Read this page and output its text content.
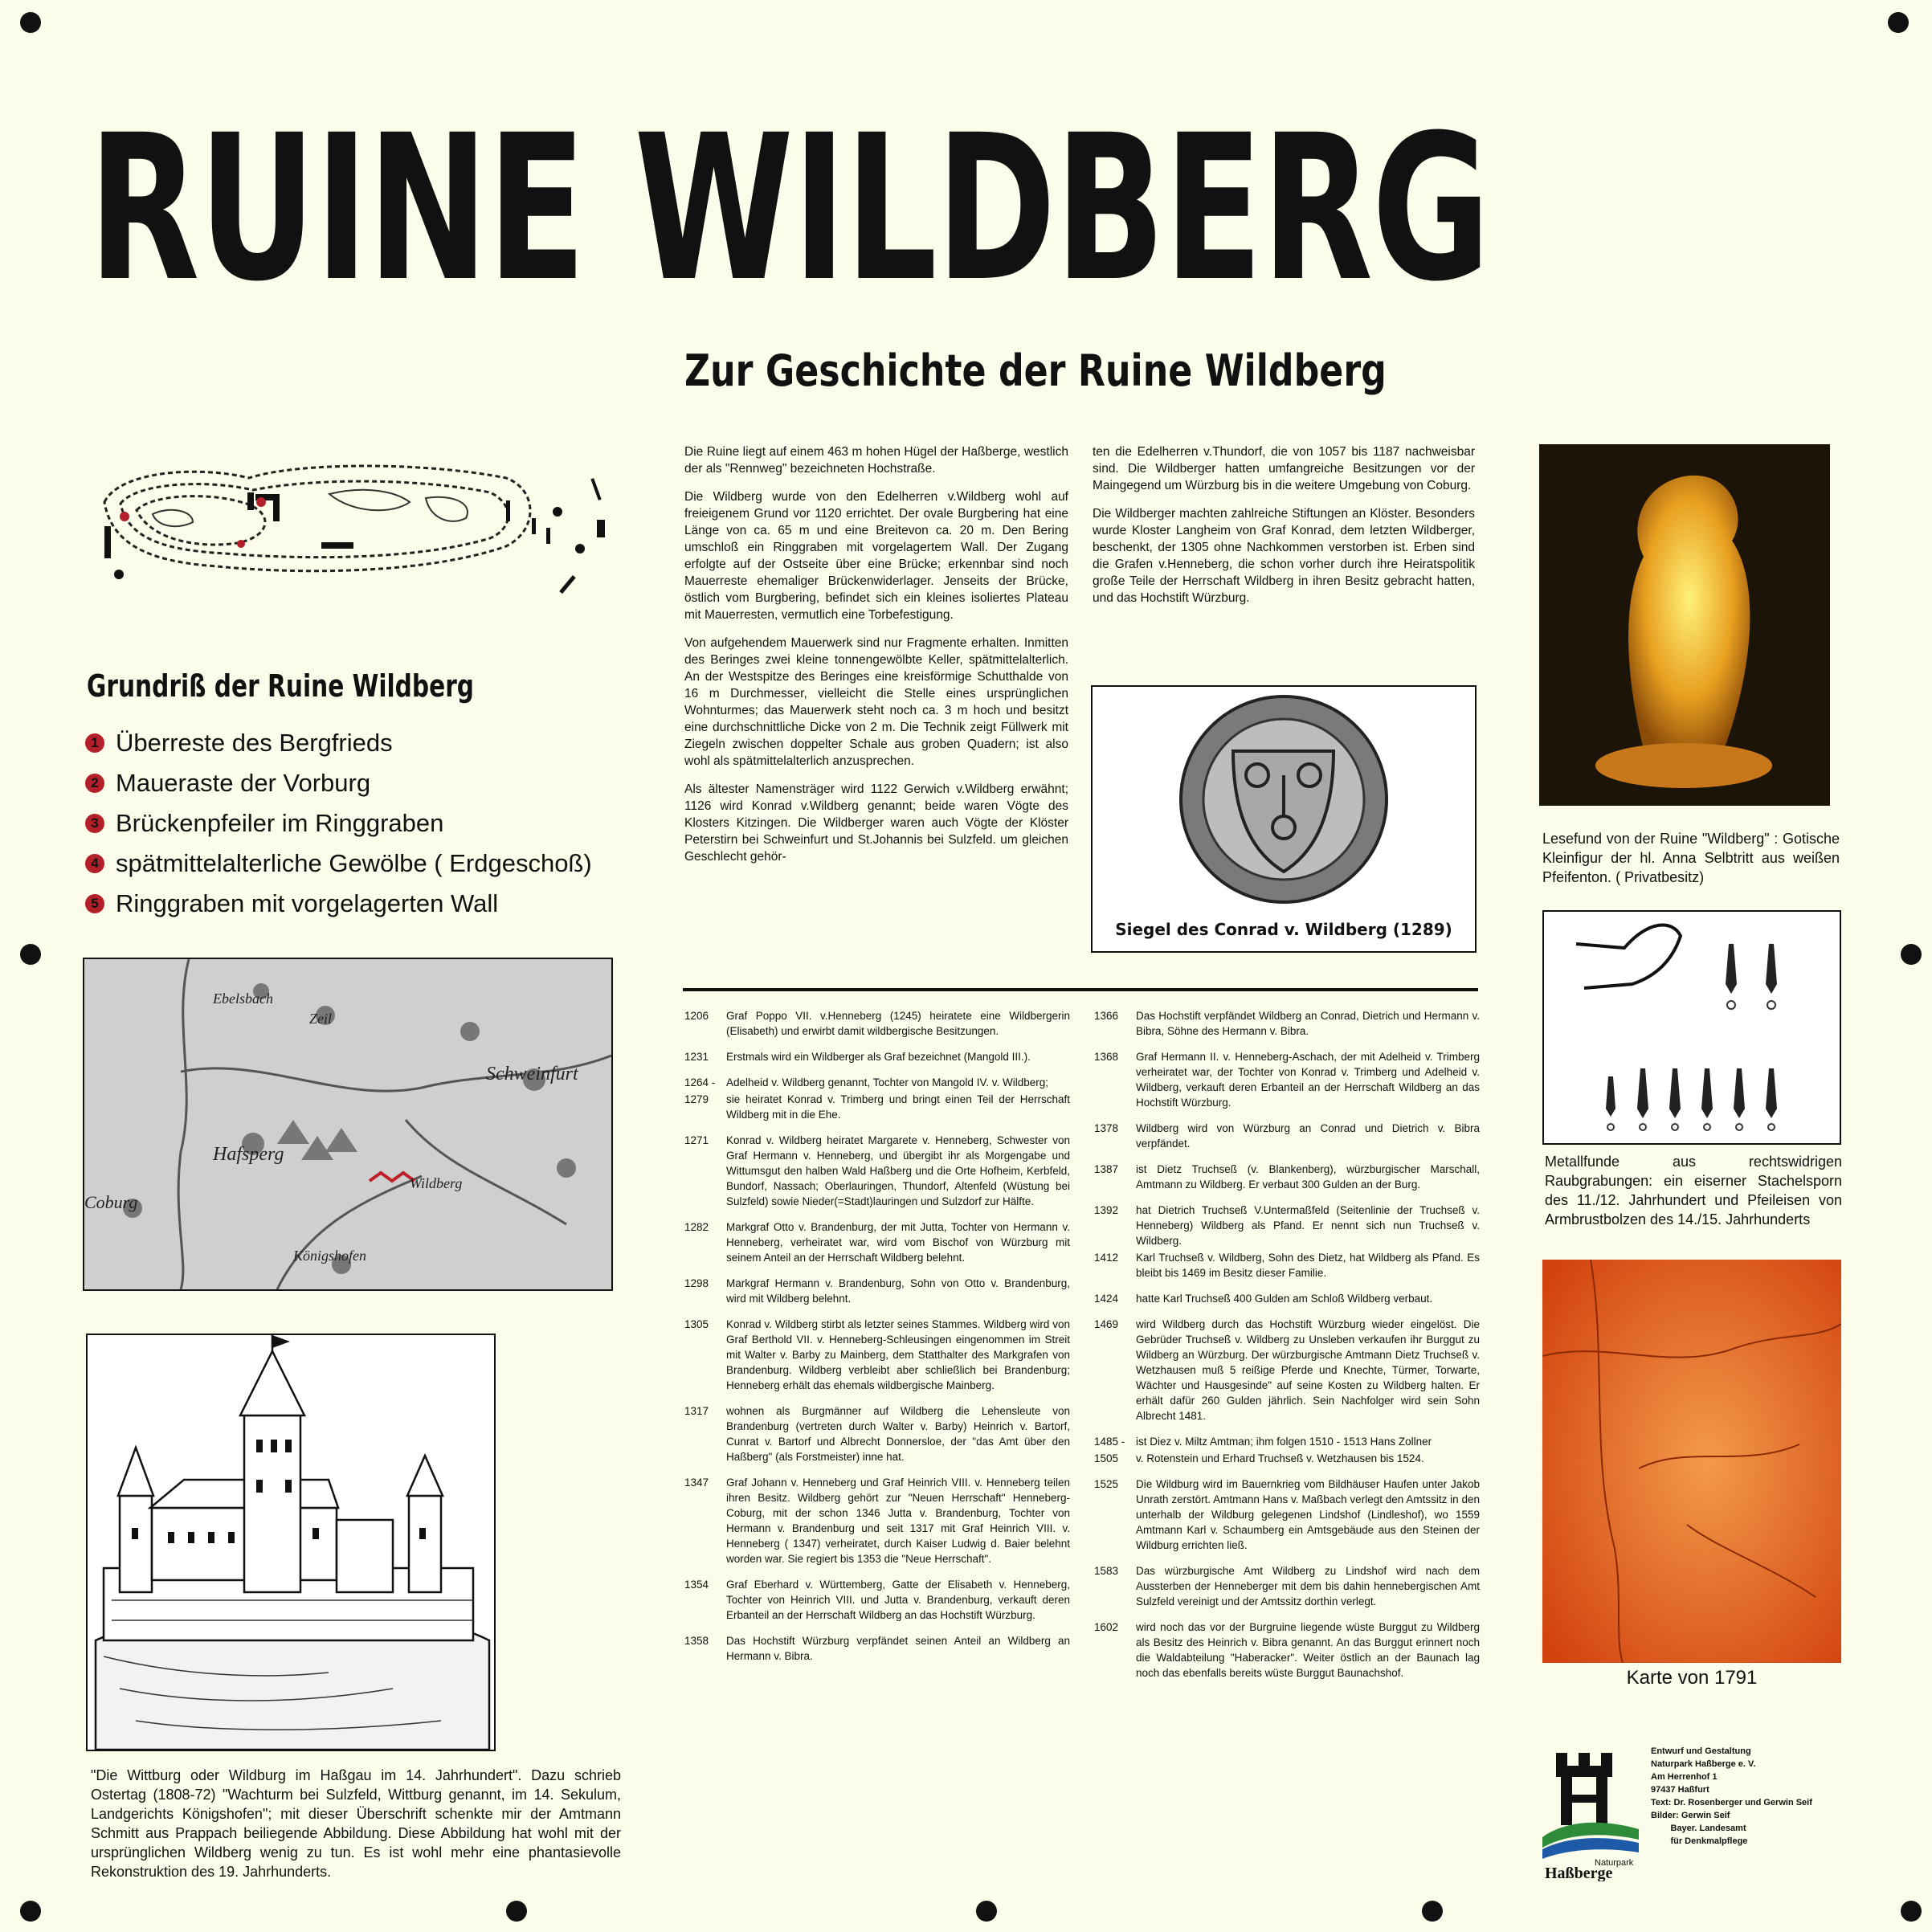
RUINE WILDBERG
Zur Geschichte der Ruine Wildberg
Grundriß der Ruine Wildberg
1 Überreste des Bergfrieds
2 Maueraste der Vorburg
3 Brückenpfeiler im Ringgraben
4 spätmittelalterliche Gewölbe ( Erdgeschoß)
5 Ringgraben mit vorgelagerten Wall
Ebelsbach
Zeil
Schweinfurt
Hafsperg
Coburg
Königshofen
Wildberg
"Die Wittburg oder Wildburg im Haßgau im 14. Jahrhundert". Dazu schrieb Ostertag (1808-72) "Wachturm bei Sulzfeld, Wittburg genannt, im 14. Sekulum, Landgerichts Königshofen"; mit dieser Überschrift schenkte mir der Amtmann Schmitt aus Prappach beiliegende Abbildung. Diese Abbildung hat wohl mit der ursprünglichen Wildberg wenig zu tun. Es ist wohl mehr eine phantasievolle Rekonstruktion des 19. Jahrhunderts.

Die Ruine liegt auf einem 463 m hohen Hügel der Haßberge, westlich der als "Rennweg" bezeichneten Hochstraße.

Die Wildberg wurde von den Edelherren v.Wildberg wohl auf freieigenem Grund vor 1120 errichtet. Der ovale Burgbering hat eine Länge von ca. 65 m und eine Breitevon ca. 20 m. Den Bering umschloß ein Ringgraben mit vorgelagertem Wall. Der Zugang erfolgte auf der Ostseite über eine Brücke; erkennbar sind noch Mauerreste ehemaliger Brückenwiderlager. Jenseits der Brücke, östlich vom Burgbering, befindet sich ein kleines isoliertes Plateau mit Mauerresten, vermutlich eine Torbefestigung.

Von aufgehendem Mauerwerk sind nur Fragmente erhalten. Inmitten des Beringes zwei kleine tonnengewölbte Keller, spätmittelalterlich. An der Westspitze des Beringes eine kreisförmige Schutthalde von 16 m Durchmesser, vielleicht die Stelle eines ursprünglichen Wohnturmes; das Mauerwerk steht noch ca. 3 m hoch und besitzt eine durchschnittliche Dicke von 2 m. Die Technik zeigt Füllwerk mit Ziegeln zwischen doppelter Schale aus groben Quadern; ist also wohl als spätmittelalterlich anzusprechen.

Als ältester Namensträger wird 1122 Gerwich v.Wildberg erwähnt; 1126 wird Konrad v.Wildberg genannt; beide waren Vögte des Klosters Kitzingen. Die Wildberger waren auch Vögte der Klöster Peterstirn bei Schweinfurt und St.Johannis bei Sulzfeld. um gleichen Geschlecht gehör-

ten die Edelherren v.Thundorf, die von 1057 bis 1187 nachweisbar sind. Die Wildberger hatten umfangreiche Besitzungen vor der Maingegend um Würzburg bis in die weitere Umgebung von Coburg.

Die Wildberger machten zahlreiche Stiftungen an Klöster. Besonders wurde Kloster Langheim von Graf Konrad, dem letzten Wildberger, beschenkt, der 1305 ohne Nachkommen verstorben ist. Erben sind die Grafen v.Henneberg, die schon vorher durch ihre Heiratspolitik große Teile der Herrschaft Wildberg in ihren Besitz gebracht hatten, und das Hochstift Würzburg.

Siegel des Conrad v. Wildberg (1289)
Lesefund von der Ruine "Wildberg" : Gotische Kleinfigur der hl. Anna Selbtritt aus weißen Pfeifenton. ( Privatbesitz)
Metallfunde aus rechtswidrigen Raubgrabungen: ein eiserner Stachelsporn des 11./12. Jahrhundert und Pfeileisen von Armbrustbolzen des 14./15. Jahrhunderts
Karte von 1791
1206	Graf Poppo VII. v.Henneberg (1245) heiratete eine Wildbergerin (Elisabeth) und erwirbt damit wildbergische Besitzungen.
1231	Erstmals wird ein Wildberger als Graf bezeichnet (Mangold III.).
1264 -	Adelheid v. Wildberg genannt, Tochter von Mangold IV. v. Wildberg;
1279	sie heiratet Konrad v. Trimberg und bringt einen Teil der Herrschaft Wildberg mit in die Ehe.
1271	Konrad v. Wildberg heiratet Margarete v. Henneberg, Schwester von Graf Hermann v. Henneberg, und übergibt ihr als Morgengabe und Wittumsgut den halben Wald Haßberg und die Orte Hofheim, Kerbfeld, Bundorf, Nassach; Oberlauringen, Thundorf, Altenfeld (Wüstung bei Sulzfeld) sowie Nieder(=Stadt)lauringen und Sulzdorf zur Hälfte.
1282	Markgraf Otto v. Brandenburg, der mit Jutta, Tochter von Hermann v. Henneberg, verheiratet war, wird vom Bischof von Würzburg mit seinem Anteil an der Herrschaft Wildberg belehnt.
1298	Markgraf Hermann v. Brandenburg, Sohn von Otto v. Brandenburg, wird mit Wildberg belehnt.
1305	Konrad v. Wildberg stirbt als letzter seines Stammes. Wildberg wird von Graf Berthold VII. v. Henneberg-Schleusingen eingenommen im Streit mit Walter v. Barby zu Mainberg, dem Statthalter des Markgrafen von Brandenburg. Wildberg verbleibt aber schließlich bei Brandenburg; Henneberg erhält das ehemals wildbergische Mainberg.
1317	wohnen als Burgmänner auf Wildberg die Lehensleute von Brandenburg (vertreten durch Walter v. Barby) Heinrich v. Bartorf, Cunrat v. Bartorf und Albrecht Donnersloe, der "das Amt über den Haßberg" (als Forstmeister) inne hat.
1347	Graf Johann v. Henneberg und Graf Heinrich VIII. v. Henneberg teilen ihren Besitz. Wildberg gehört zur "Neuen Herrschaft" Henneberg-Coburg, mit der schon 1346 Jutta v. Brandenburg, Tochter von Hermann v. Brandenburg und seit 1317 mit Graf Heinrich VIII. v. Henneberg ( 1347) verheiratet, durch Kaiser Ludwig d. Baier belehnt worden war. Sie regiert bis 1353 die "Neue Herrschaft".
1354	Graf Eberhard v. Württemberg, Gatte der Elisabeth v. Henneberg, Tochter von Heinrich VIII. und Jutta v. Brandenburg, verkauft deren Erbanteil an der Herrschaft Wildberg an das Hochstift Würzburg.
1358	Das Hochstift Würzburg verpfändet seinen Anteil an Wildberg an Hermann v. Bibra.
1366	Das Hochstift verpfändet Wildberg an Conrad, Dietrich und Hermann v. Bibra, Söhne des Hermann v. Bibra.
1368	Graf Hermann II. v. Henneberg-Aschach, der mit Adelheid v. Trimberg verheiratet war, der Tochter von Konrad v. Trimberg und Adelheid v. Wildberg, verkauft deren Erbanteil an der Herrschaft Wildberg an das Hochstift Würzburg.
1378	Wildberg wird von Würzburg an Conrad und Dietrich v. Bibra verpfändet.
1387	ist Dietz Truchseß (v. Blankenberg), würzburgischer Marschall, Amtmann zu Wildberg. Er verbaut 300 Gulden an der Burg.
1392	hat Dietrich Truchseß V.Untermaßfeld (Seitenlinie der Truchseß v. Henneberg) Wildberg als Pfand. Er nennt sich nun Truchseß v. Wildberg.
1412	Karl Truchseß v. Wildberg, Sohn des Dietz, hat Wildberg als Pfand. Es bleibt bis 1469 im Besitz dieser Familie.
1424	hatte Karl Truchseß 400 Gulden am Schloß Wildberg verbaut.
1469	wird Wildberg durch das Hochstift Würzburg wieder eingelöst. Die Gebrüder Truchseß v. Wildberg zu Unsleben verkaufen ihr Burggut zu Wildberg an Würzburg. Der würzburgische Amtmann Dietz Truchseß v. Wetzhausen muß 5 reißige Pferde und Knechte, Türmer, Torwarte, Wächter und Hausgesinde" auf seine Kosten zu Wildberg halten. Er erhält dafür 260 Gulden jährlich. Sein Nachfolger wird sein Sohn Albrecht 1481.
1485 -	ist Diez v. Miltz Amtman; ihm folgen 1510 - 1513 Hans Zollner
1505	v. Rotenstein und Erhard Truchseß v. Wetzhausen bis 1524.
1525	Die Wildburg wird im Bauernkrieg vom Bildhäuser Haufen unter Jakob Unrath zerstört. Amtmann Hans v. Maßbach verlegt den Amtssitz in den unterhalb der Wildburg gelegenen Lindshof (Lindleshof), wo 1559 Amtmann Karl v. Schaumberg ein Amtsgebäude aus den Steinen der Wildburg errichten ließ.
1583	Das würzburgische Amt Wildberg zu Lindshof wird nach dem Aussterben der Henneberger mit dem bis dahin hennebergischen Amt Sulzfeld vereinigt und der Amtssitz dorthin verlegt.
1602	wird noch das vor der Burgruine liegende wüste Burggut zu Wildberg als Besitz des Heinrich v. Bibra genannt. An das Burggut erinnert noch die Waldabteilung "Haberacker". Weiter östlich an der Baunach lag noch das ebenfalls bereits wüste Burggut Baunachshof.
Naturpark
Haßberge
Entwurf und Gestaltung
Naturpark Haßberge e. V.
Am Herrenhof 1
97437 Haßfurt
Text: Dr. Rosenberger und Gerwin Seif
Bilder: Gerwin Seif
Bayer. Landesamt
für Denkmalpflege
